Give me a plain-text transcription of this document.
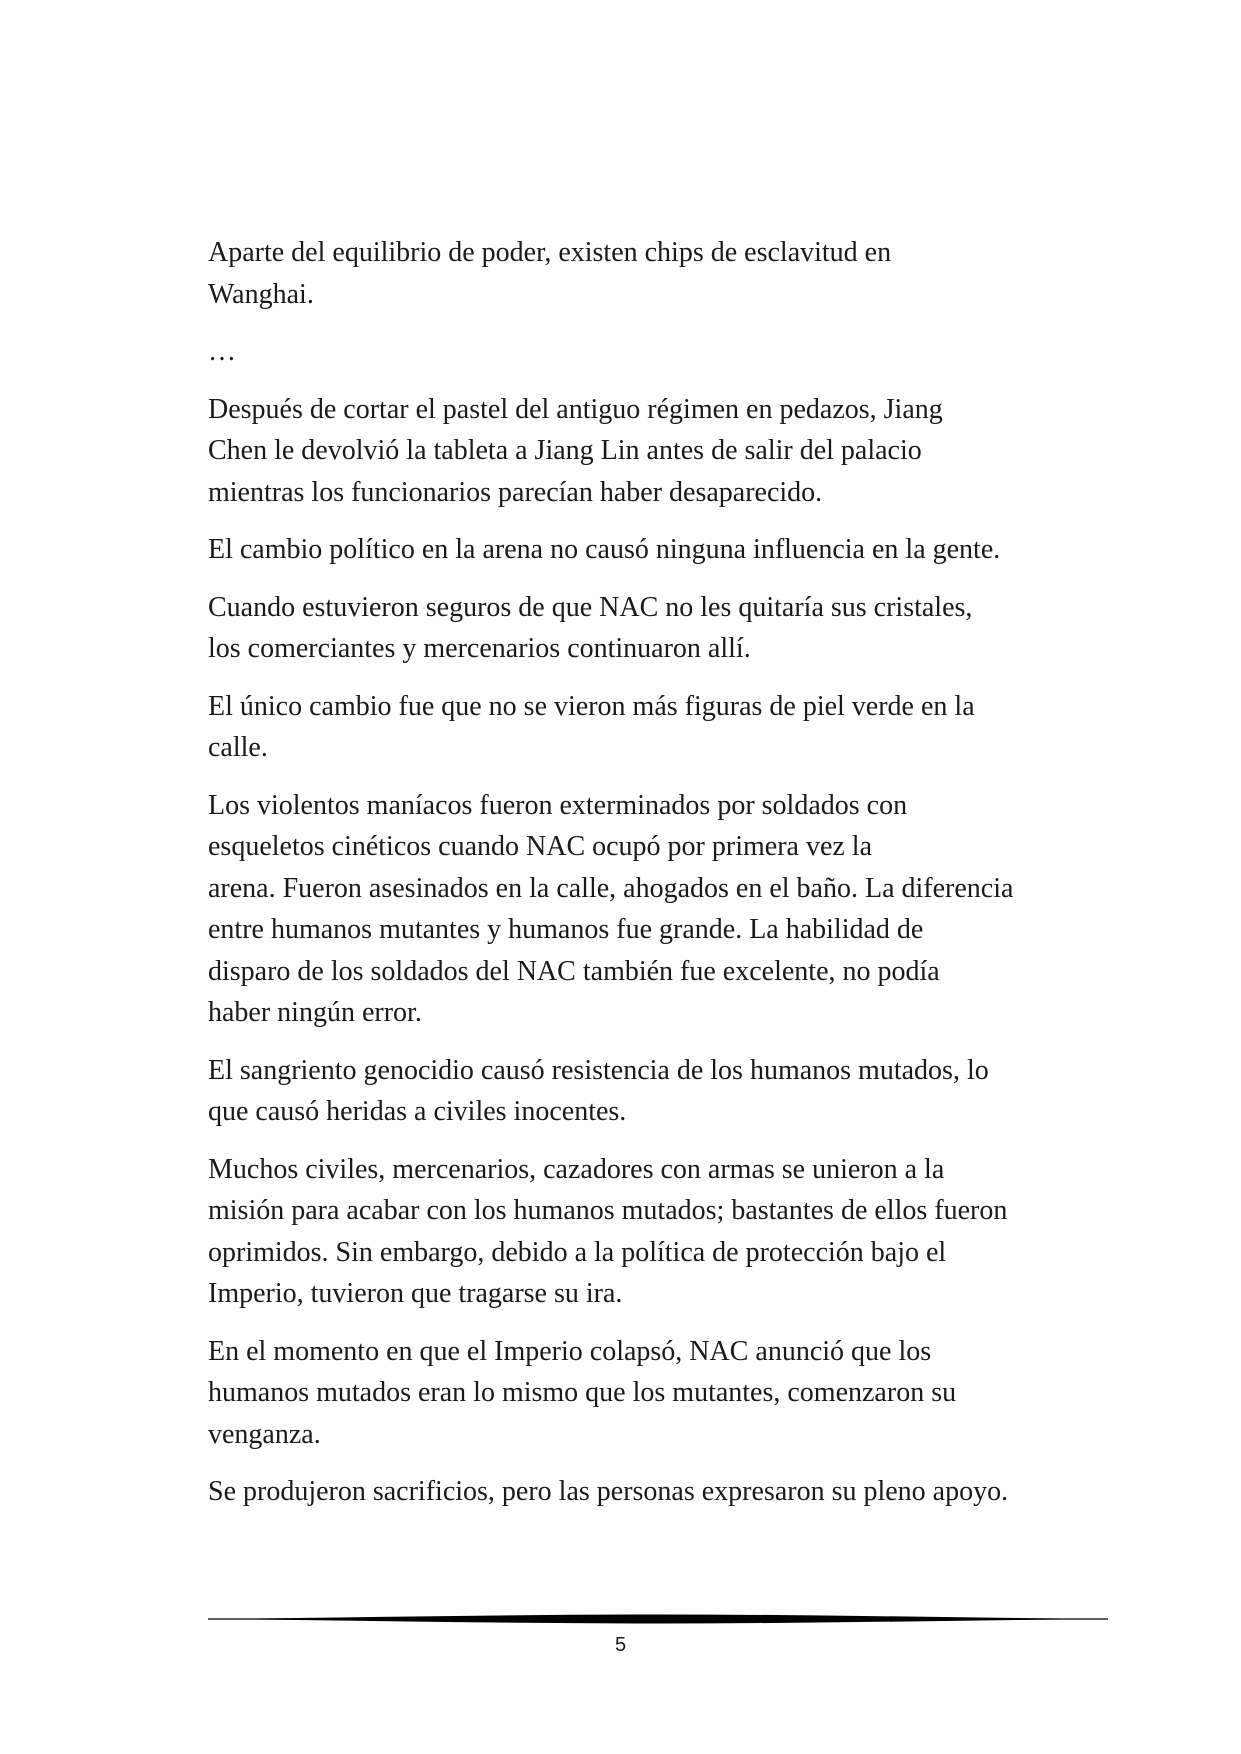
Aparte del equilibrio de poder, existen chips de esclavitud en
Wanghai.

…

Después de cortar el pastel del antiguo régimen en pedazos, Jiang
Chen le devolvió la tableta a Jiang Lin antes de salir del palacio
mientras los funcionarios parecían haber desaparecido.

El cambio político en la arena no causó ninguna influencia en la gente.

Cuando estuvieron seguros de que NAC no les quitaría sus cristales,
los comerciantes y mercenarios continuaron allí.

El único cambio fue que no se vieron más figuras de piel verde en la
calle.

Los violentos maníacos fueron exterminados por soldados con
esqueletos cinéticos cuando NAC ocupó por primera vez la
arena. Fueron asesinados en la calle, ahogados en el baño. La diferencia
entre humanos mutantes y humanos fue grande. La habilidad de
disparo de los soldados del NAC también fue excelente, no podía
haber ningún error.

El sangriento genocidio causó resistencia de los humanos mutados, lo
que causó heridas a civiles inocentes.

Muchos civiles, mercenarios, cazadores con armas se unieron a la
misión para acabar con los humanos mutados; bastantes de ellos fueron
oprimidos. Sin embargo, debido a la política de protección bajo el
Imperio, tuvieron que tragarse su ira.

En el momento en que el Imperio colapsó, NAC anunció que los
humanos mutados eran lo mismo que los mutantes, comenzaron su
venganza.

Se produjeron sacrificios, pero las personas expresaron su pleno apoyo.

5
